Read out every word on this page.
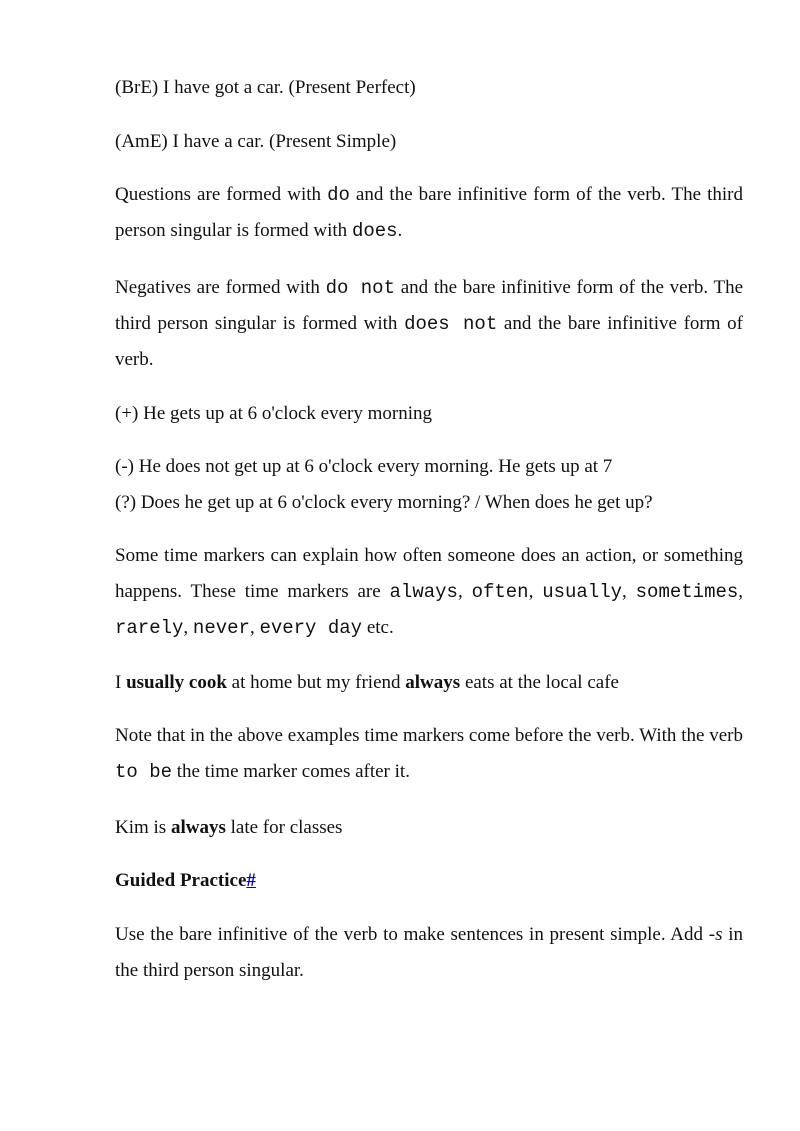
(BrE) I have got a car. (Present Perfect)

(AmE) I have a car. (Present Simple)

Questions are formed with do and the bare infinitive form of the verb. The third person singular is formed with does.

Negatives are formed with do not and the bare infinitive form of the verb. The third person singular is formed with does not and the bare infinitive form of verb.

(+) He gets up at 6 o'clock every morning

(-) He does not get up at 6 o'clock every morning. He gets up at 7
(?) Does he get up at 6 o'clock every morning? / When does he get up?

Some time markers can explain how often someone does an action, or something happens. These time markers are always, often, usually, sometimes, rarely, never, every day etc.

I usually cook at home but my friend always eats at the local cafe

Note that in the above examples time markers come before the verb. With the verb to be the time marker comes after it.

Kim is always late for classes

Guided Practice#

Use the bare infinitive of the verb to make sentences in present simple. Add -s in the third person singular.
